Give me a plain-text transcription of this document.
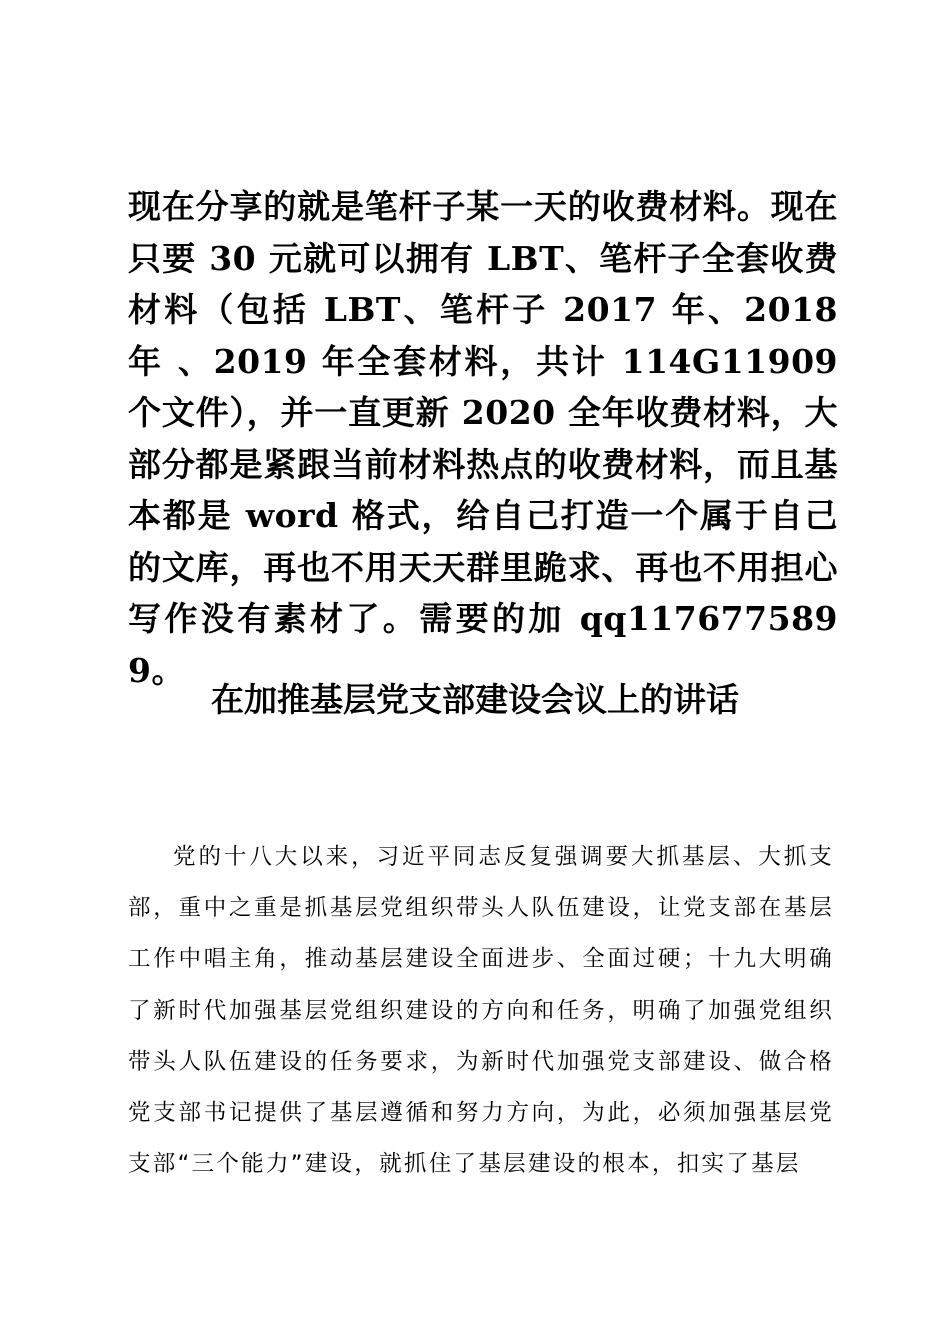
现在分享的就是笔杆子某一天的收费材料。现在只要 30 元就可以拥有 LBT、笔杆子全套收费材料（包括 LBT、笔杆子 2017 年、2018 年 、2019 年全套材料，共计 114G11909 个文件），并一直更新 2020 全年收费材料，大部分都是紧跟当前材料热点的收费材料，而且基本都是 word 格式，给自己打造一个属于自己的文库，再也不用天天群里跪求、再也不用担心写作没有素材了。需要的加 qq1176775899。

在加推基层党支部建设会议上的讲话

党的十八大以来，习近平同志反复强调要大抓基层、大抓支部，重中之重是抓基层党组织带头人队伍建设，让党支部在基层工作中唱主角，推动基层建设全面进步、全面过硬；十九大明确了新时代加强基层党组织建设的方向和任务，明确了加强党组织带头人队伍建设的任务要求，为新时代加强党支部建设、做合格党支部书记提供了基层遵循和努力方向，为此，必须加强基层党支部“三个能力”建设，就抓住了基层建设的根本，扣实了基层
